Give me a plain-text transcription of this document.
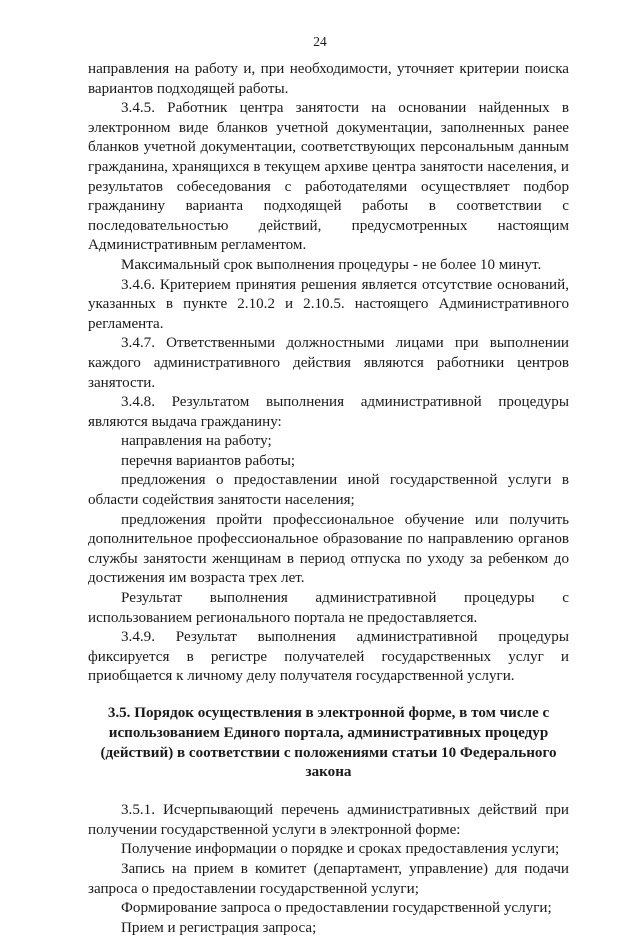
24

направления на работу и, при необходимости, уточняет критерии поиска вариантов подходящей работы.

3.4.5. Работник центра занятости на основании найденных в электронном виде бланков учетной документации, заполненных ранее бланков учетной документации, соответствующих персональным данным гражданина, хранящихся в текущем архиве центра занятости населения, и результатов собеседования с работодателями осуществляет подбор гражданину варианта подходящей работы в соответствии с последовательностью действий, предусмотренных настоящим Административным регламентом.

Максимальный срок выполнения процедуры - не более 10 минут.

3.4.6. Критерием принятия решения является отсутствие оснований, указанных в пункте 2.10.2 и 2.10.5. настоящего Административного регламента.

3.4.7. Ответственными должностными лицами при выполнении каждого административного действия являются работники центров занятости.

3.4.8. Результатом выполнения административной процедуры являются выдача гражданину:

направления на работу;

перечня вариантов работы;

предложения о предоставлении иной государственной услуги в области содействия занятости населения;

предложения пройти профессиональное обучение или получить дополнительное профессиональное образование по направлению органов службы занятости женщинам в период отпуска по уходу за ребенком до достижения им возраста трех лет.

Результат выполнения административной процедуры с использованием регионального портала не предоставляется.

3.4.9. Результат выполнения административной процедуры фиксируется в регистре получателей государственных услуг и приобщается к личному делу получателя государственной услуги.

3.5. Порядок осуществления в электронной форме, в том числе с
использованием Единого портала, административных процедур
(действий) в соответствии с положениями статьи 10 Федерального
закона

3.5.1. Исчерпывающий перечень административных действий при получении государственной услуги в электронной форме:

Получение информации о порядке и сроках предоставления услуги;

Запись на прием в комитет (департамент, управление) для подачи запроса о предоставлении государственной услуги;

Формирование запроса о предоставлении государственной услуги;

Прием и регистрация запроса;
